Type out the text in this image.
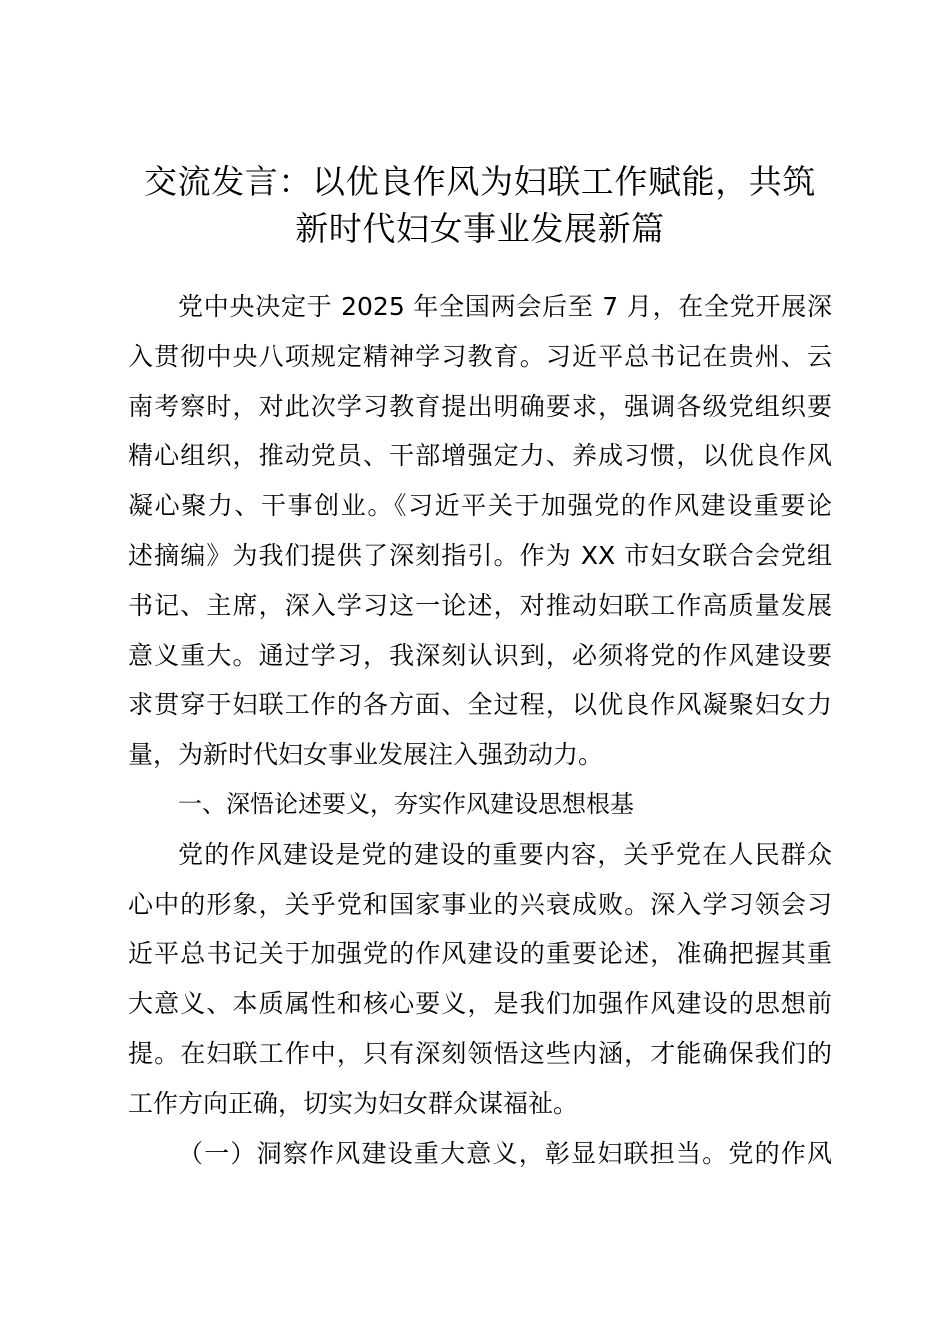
交流发言：以优良作风为妇联工作赋能，共筑
新时代妇女事业发展新篇

党中央决定于 2025 年全国两会后至 7 月，在全党开展深
入贯彻中央八项规定精神学习教育。习近平总书记在贵州、云
南考察时，对此次学习教育提出明确要求，强调各级党组织要
精心组织，推动党员、干部增强定力、养成习惯，以优良作风
凝心聚力、干事创业。《习近平关于加强党的作风建设重要论
述摘编》为我们提供了深刻指引。作为 XX 市妇女联合会党组
书记、主席，深入学习这一论述，对推动妇联工作高质量发展
意义重大。通过学习，我深刻认识到，必须将党的作风建设要
求贯穿于妇联工作的各方面、全过程，以优良作风凝聚妇女力
量，为新时代妇女事业发展注入强劲动力。

一、深悟论述要义，夯实作风建设思想根基

党的作风建设是党的建设的重要内容，关乎党在人民群众
心中的形象，关乎党和国家事业的兴衰成败。深入学习领会习
近平总书记关于加强党的作风建设的重要论述，准确把握其重
大意义、本质属性和核心要义，是我们加强作风建设的思想前
提。在妇联工作中，只有深刻领悟这些内涵，才能确保我们的
工作方向正确，切实为妇女群众谋福祉。

（一）洞察作风建设重大意义，彰显妇联担当。党的作风
